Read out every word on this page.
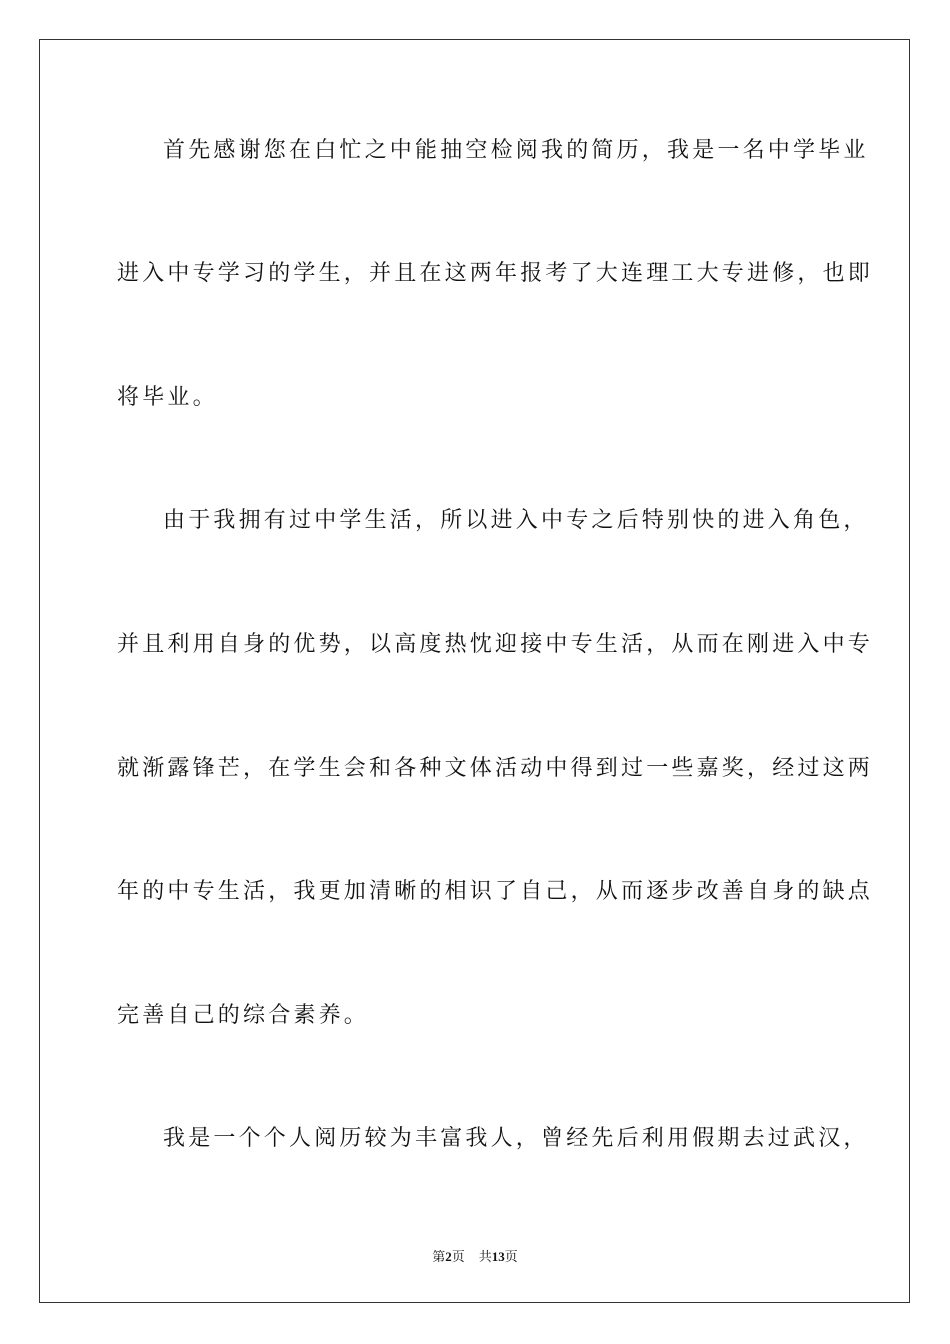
首先感谢您在白忙之中能抽空检阅我的简历，我是一名中学毕业
进入中专学习的学生，并且在这两年报考了大连理工大专进修，也即
将毕业。
由于我拥有过中学生活，所以进入中专之后特别快的进入角色，
并且利用自身的优势，以高度热忱迎接中专生活，从而在刚进入中专
就渐露锋芒，在学生会和各种文体活动中得到过一些嘉奖，经过这两
年的中专生活，我更加清晰的相识了自己，从而逐步改善自身的缺点
完善自己的综合素养。
我是一个个人阅历较为丰富我人，曾经先后利用假期去过武汉，
第2页 共13页
